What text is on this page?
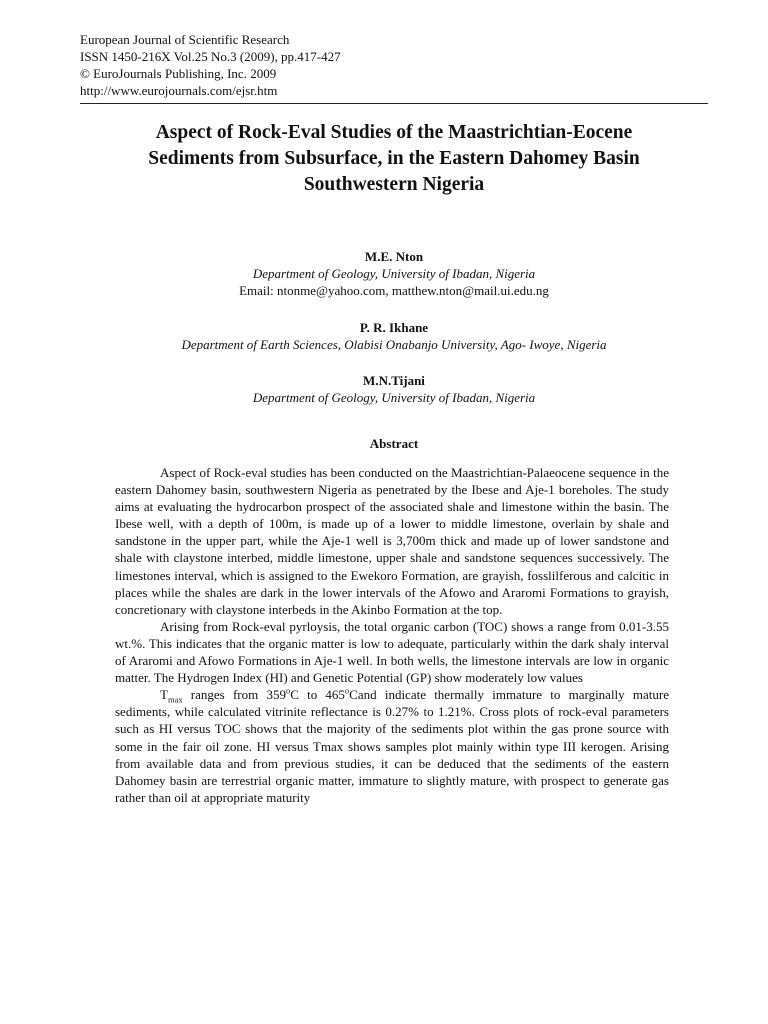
European Journal of Scientific Research
ISSN 1450-216X Vol.25 No.3 (2009), pp.417-427
© EuroJournals Publishing, Inc. 2009
http://www.eurojournals.com/ejsr.htm
Aspect of Rock-Eval Studies of the Maastrichtian-Eocene
Sediments from Subsurface, in the Eastern Dahomey Basin
Southwestern Nigeria
M.E. Nton
Department of Geology, University of Ibadan, Nigeria
Email: ntonme@yahoo.com, matthew.nton@mail.ui.edu.ng
P. R. Ikhane
Department of Earth Sciences, Olabisi Onabanjo University, Ago- Iwoye, Nigeria
M.N.Tijani
Department of Geology, University of Ibadan, Nigeria
Abstract

Aspect of Rock-eval studies has been conducted on the Maastrichtian-Palaeocene sequence in the eastern Dahomey basin, southwestern Nigeria as penetrated by the Ibese and Aje-1 boreholes. The study aims at evaluating the hydrocarbon prospect of the associated shale and limestone within the basin. The Ibese well, with a depth of 100m, is made up of a lower to middle limestone, overlain by shale and sandstone in the upper part, while the Aje-1 well is 3,700m thick and made up of lower sandstone and shale with claystone interbed, middle limestone, upper shale and sandstone sequences successively. The limestones interval, which is assigned to the Ewekoro Formation, are grayish, fosslilferous and calcitic in places while the shales are dark in the lower intervals of the Afowo and Araromi Formations to grayish, concretionary with claystone interbeds in the Akinbo Formation at the top.

Arising from Rock-eval pyrloysis, the total organic carbon (TOC) shows a range from 0.01-3.55 wt.%. This indicates that the organic matter is low to adequate, particularly within the dark shaly interval of Araromi and Afowo Formations in Aje-1 well. In both wells, the limestone intervals are low in organic matter. The Hydrogen Index (HI) and Genetic Potential (GP) show moderately low values

$T_{max}$ ranges from 359$^o$C to 465$^o$Cand indicate thermally immature to marginally mature sediments, while calculated vitrinite reflectance is 0.27% to 1.21%. Cross plots of rock-eval parameters such as HI versus TOC shows that the majority of the sediments plot within the gas prone source with some in the fair oil zone. HI versus Tmax shows samples plot mainly within type III kerogen. Arising from available data and from previous studies, it can be deduced that the sediments of the eastern Dahomey basin are terrestrial organic matter, immature to slightly mature, with prospect to generate gas rather than oil at appropriate maturity
